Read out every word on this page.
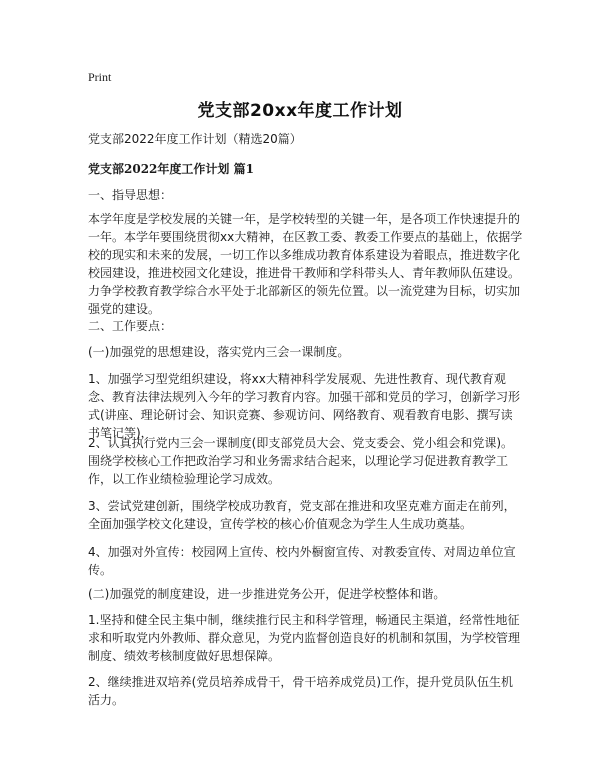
Print
党支部20xx年度工作计划
党支部2022年度工作计划（精选20篇）
党支部2022年度工作计划 篇1
一、指导思想：
本学年度是学校发展的关键一年，是学校转型的关键一年，是各项工作快速提升的一年。本学年要围绕贯彻xx大精神，在区教工委、教委工作要点的基础上，依据学校的现实和未来的发展，一切工作以多维成功教育体系建设为着眼点，推进数字化校园建设，推进校园文化建设，推进骨干教师和学科带头人、青年教师队伍建设。力争学校教育教学综合水平处于北部新区的领先位置。以一流党建为目标，切实加强党的建设。
二、工作要点：
(一)加强党的思想建设，落实党内三会一课制度。
1、加强学习型党组织建设，将xx大精神科学发展观、先进性教育、现代教育观念、教育法律法规列入今年的学习教育内容。加强干部和党员的学习，创新学习形式(讲座、理论研讨会、知识竞赛、参观访问、网络教育、观看教育电影、撰写读书笔记等)，
2、认真执行党内三会一课制度(即支部党员大会、党支委会、党小组会和党课)。围绕学校核心工作把政治学习和业务需求结合起来，以理论学习促进教育教学工作，以工作业绩检验理论学习成效。
3、尝试党建创新，围绕学校成功教育，党支部在推进和攻坚克难方面走在前列，全面加强学校文化建设，宣传学校的核心价值观念为学生人生成功奠基。
4、加强对外宣传：校园网上宣传、校内外橱窗宣传、对教委宣传、对周边单位宣传。
(二)加强党的制度建设，进一步推进党务公开，促进学校整体和谐。
1.坚持和健全民主集中制，继续推行民主和科学管理，畅通民主渠道，经常性地征求和听取党内外教师、群众意见，为党内监督创造良好的机制和氛围，为学校管理制度、绩效考核制度做好思想保障。
2、继续推进双培养(党员培养成骨干，骨干培养成党员)工作，提升党员队伍生机活力。
